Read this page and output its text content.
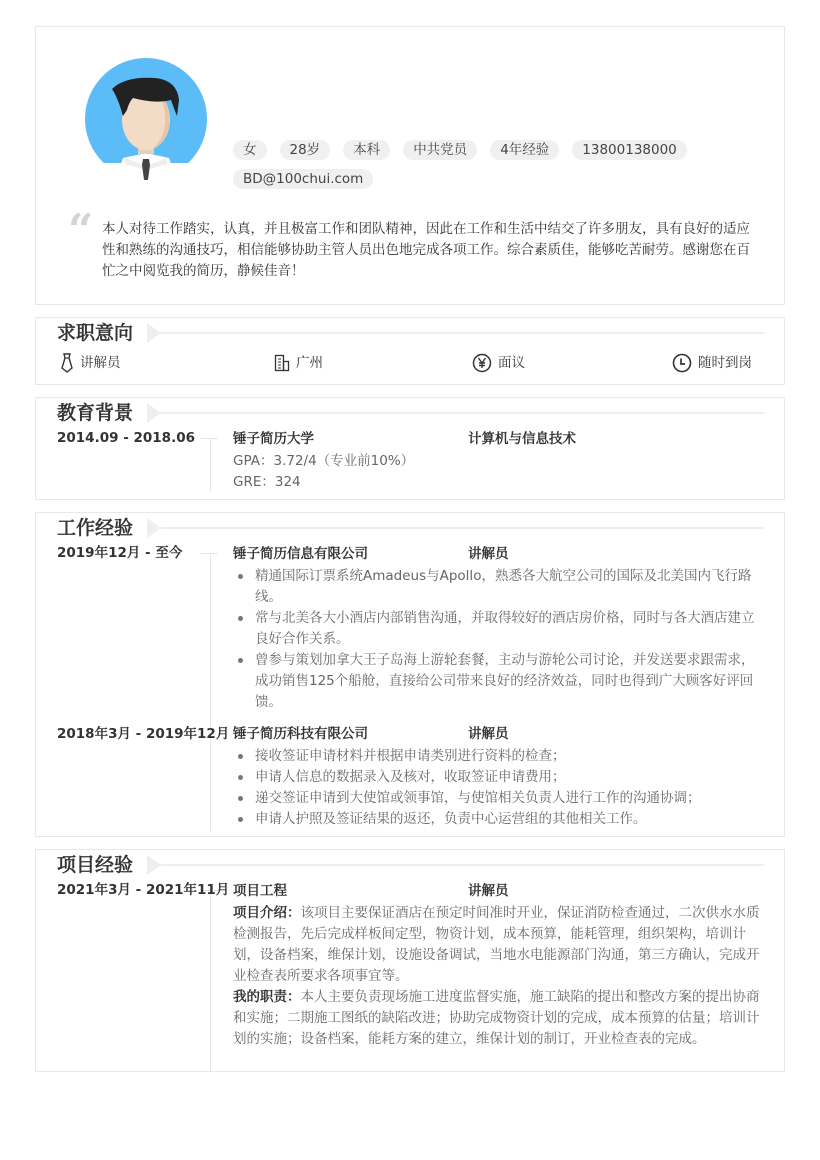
女 28岁 本科 中共党员 4年经验 13800138000
BD@100chui.com
“ 本人对待工作踏实，认真，并且极富工作和团队精神，因此在工作和生活中结交了许多朋友，具有良好的适应性和熟练的沟通技巧，相信能够协助主管人员出色地完成各项工作。综合素质佳，能够吃苦耐劳。感谢您在百忙之中阅览我的简历，静候佳音！

求职意向
讲解员	广州	面议	随时到岗
教育背景
2014.09 - 2018.06	锤子简历大学	计算机与信息技术
GPA：3.72/4（专业前10%）
GRE：324
工作经验
2019年12月 - 至今	锤子简历信息有限公司	讲解员
精通国际订票系统Amadeus与Apollo，熟悉各大航空公司的国际及北美国内飞行路线。
常与北美各大小酒店内部销售沟通，并取得较好的酒店房价格，同时与各大酒店建立良好合作关系。
曾参与策划加拿大王子岛海上游轮套餐，主动与游轮公司讨论，并发送要求跟需求，成功销售125个船舱，直接给公司带来良好的经济效益，同时也得到广大顾客好评回馈。
2018年3月 - 2019年12月 锤子简历科技有限公司	讲解员
接收签证申请材料并根据申请类别进行资料的检查；
申请人信息的数据录入及核对，收取签证申请费用；
递交签证申请到大使馆或领事馆，与使馆相关负责人进行工作的沟通协调；
申请人护照及签证结果的返还，负责中心运营组的其他相关工作。
项目经验
2021年3月 - 2021年11月 项目工程	讲解员
项目介绍：该项目主要保证酒店在预定时间准时开业，保证消防检查通过，二次供水水质检测报告，先后完成样板间定型，物资计划，成本预算，能耗管理，组织架构，培训计划，设备档案，维保计划，设施设备调试，当地水电能源部门沟通，第三方确认，完成开业检查表所要求各项事宜等。
我的职责：本人主要负责现场施工进度监督实施，施工缺陷的提出和整改方案的提出协商和实施；二期施工图纸的缺陷改进；协助完成物资计划的完成，成本预算的估量；培训计划的实施；设备档案，能耗方案的建立，维保计划的制订，开业检查表的完成。
